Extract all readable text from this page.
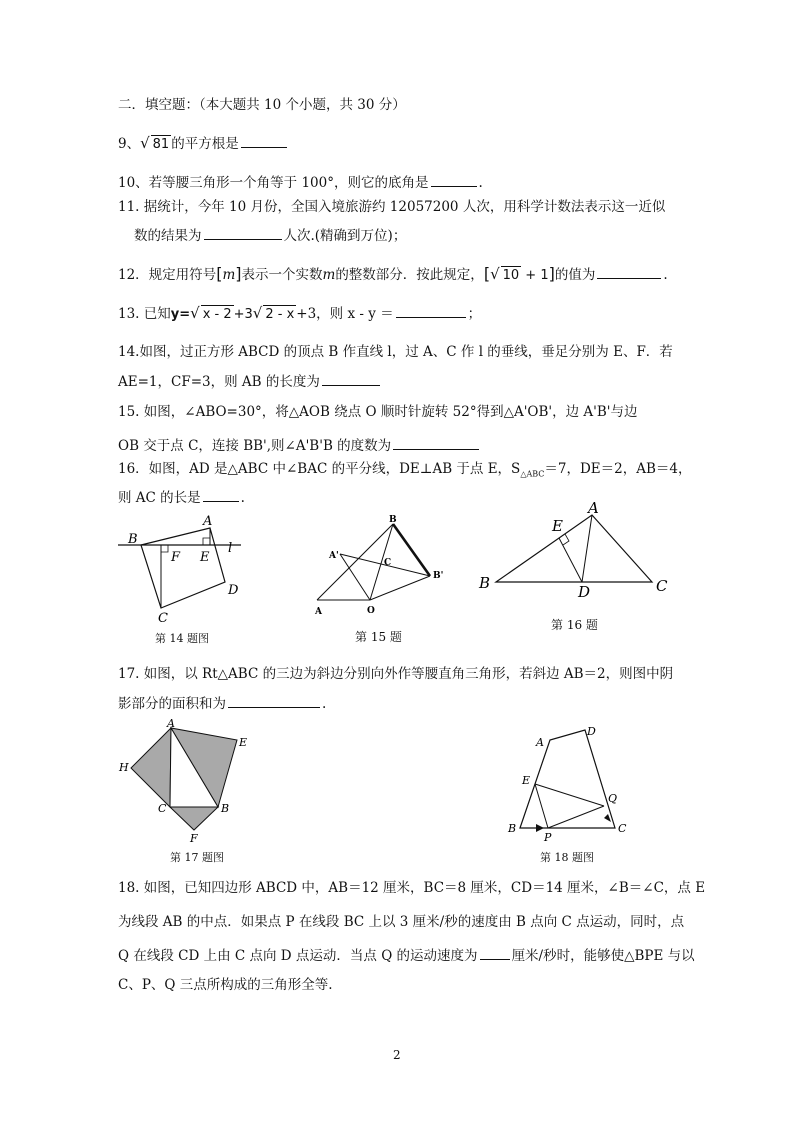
二．填空题：（本大题共 10 个小题，共 30 分）
9、√ 81 的平方根是
10、若等腰三角形一个角等于 100°，则它的底角是	.
11. 据统计，今年 10 月份，全国入境旅游约 12057200 人次，用科学计数法表示这一近似
数的结果为	人次.(精确到万位)；
12．规定用符号[m]表示一个实数m的整数部分．按此规定，[√ 10 + 1]的值为	.
13. 已知y=√ x - 2 +3√ 2 - x +3，则 x - y ＝	；
14.如图，过正方形 ABCD 的顶点 B 作直线 l，过 A、C 作 l 的垂线，垂足分别为 E、F．若
AE=1，CF=3，则 AB 的长度为
15. 如图，∠ABO=30°，将△AOB 绕点 O 顺时针旋转 52°得到△A'OB'，边 A'B'与边
OB 交于点 C，连接 BB',则∠A'B'B 的度数为
16．如图，AD 是△ABC 中∠BAC 的平分线，DE⊥AB 于点 E，$S_{\triangle ABC}=7$，DE＝2，AB＝4，
则 AC 的长是	.
B
A
F E
l
D
C
第 14 题图
B
A'
C
B'
A	O
第 15 题
E
A
B	D	C
第 16 题
17. 如图，以 Rt△ABC 的三边为斜边分别向外作等腰直角三角形，若斜边 AB＝2，则图中阴
影部分的面积和为	.
A
E
H
C	B
F
第 17 题图
A
D
E
Q
B
P
C
第 18 题图
18. 如图，已知四边形 ABCD 中，AB＝12 厘米，BC＝8 厘米，CD＝14 厘米，∠B＝∠C，点 E
为线段 AB 的中点．如果点 P 在线段 BC 上以 3 厘米/秒的速度由 B 点向 C 点运动，同时，点
Q 在线段 CD 上由 C 点向 D 点运动．当点 Q 的运动速度为	厘米/秒时，能够使△BPE 与以
C、P、Q 三点所构成的三角形全等.
2
